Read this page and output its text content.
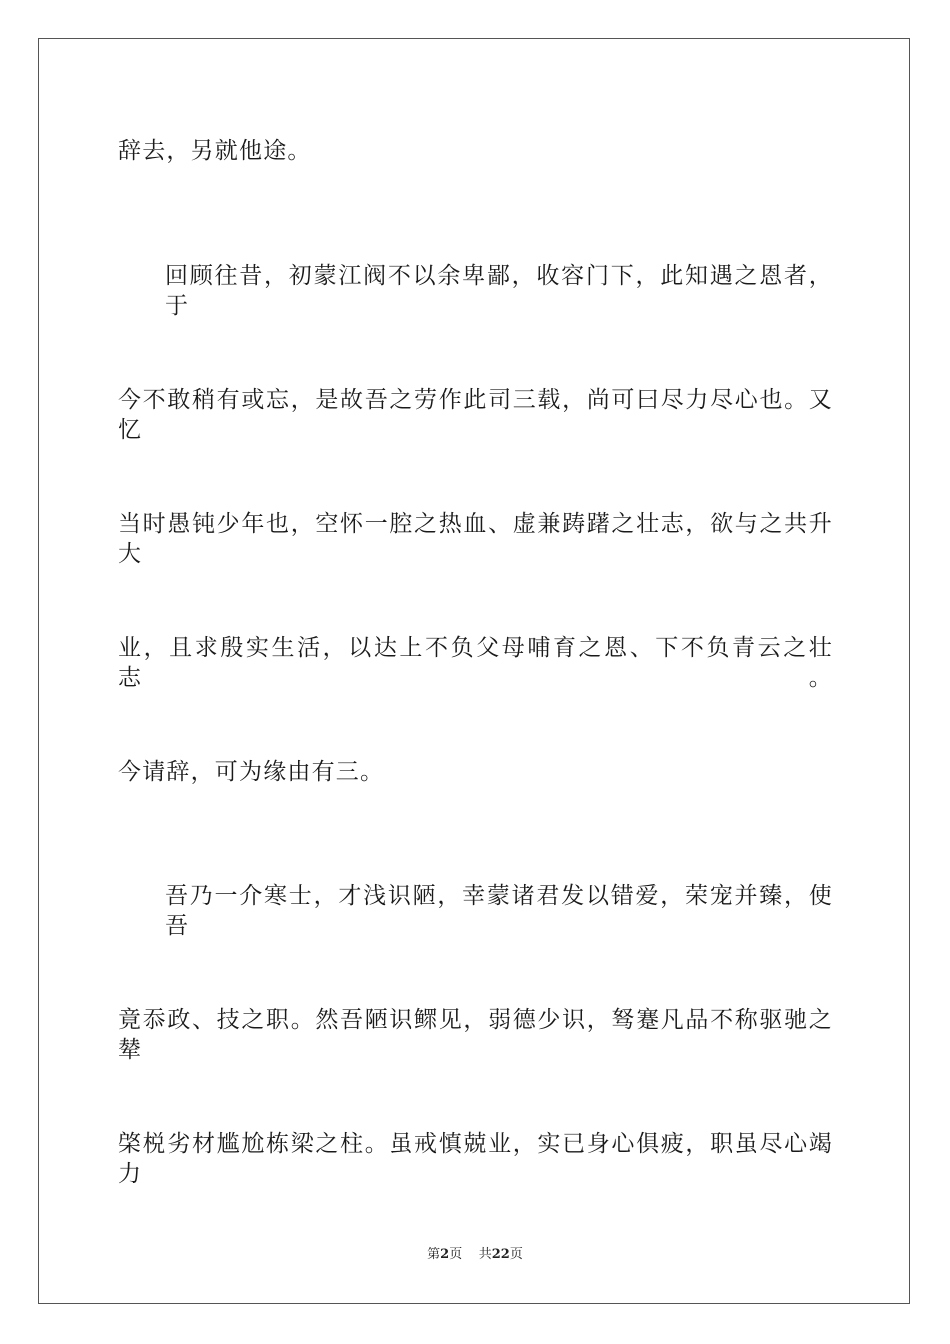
辞去，另就他途。
回顾往昔，初蒙江阀不以余卑鄙，收容门下，此知遇之恩者，于
今不敢稍有或忘，是故吾之劳作此司三载，尚可曰尽力尽心也。又忆
当时愚钝少年也，空怀一腔之热血、虚兼踌躇之壮志，欲与之共升大
业，且求殷实生活，以达上不负父母哺育之恩、下不负青云之壮志。
今请辞，可为缘由有三。
吾乃一介寒士，才浅识陋，幸蒙诸君发以错爱，荣宠并臻，使吾
竟忝政、技之职。然吾陋识鳏见，弱德少识，驽蹇凡品不称驱驰之辇
棨棁劣材尴尬栋梁之柱。虽戒慎兢业，实已身心俱疲，职虽尽心竭力
第2页 共22页
